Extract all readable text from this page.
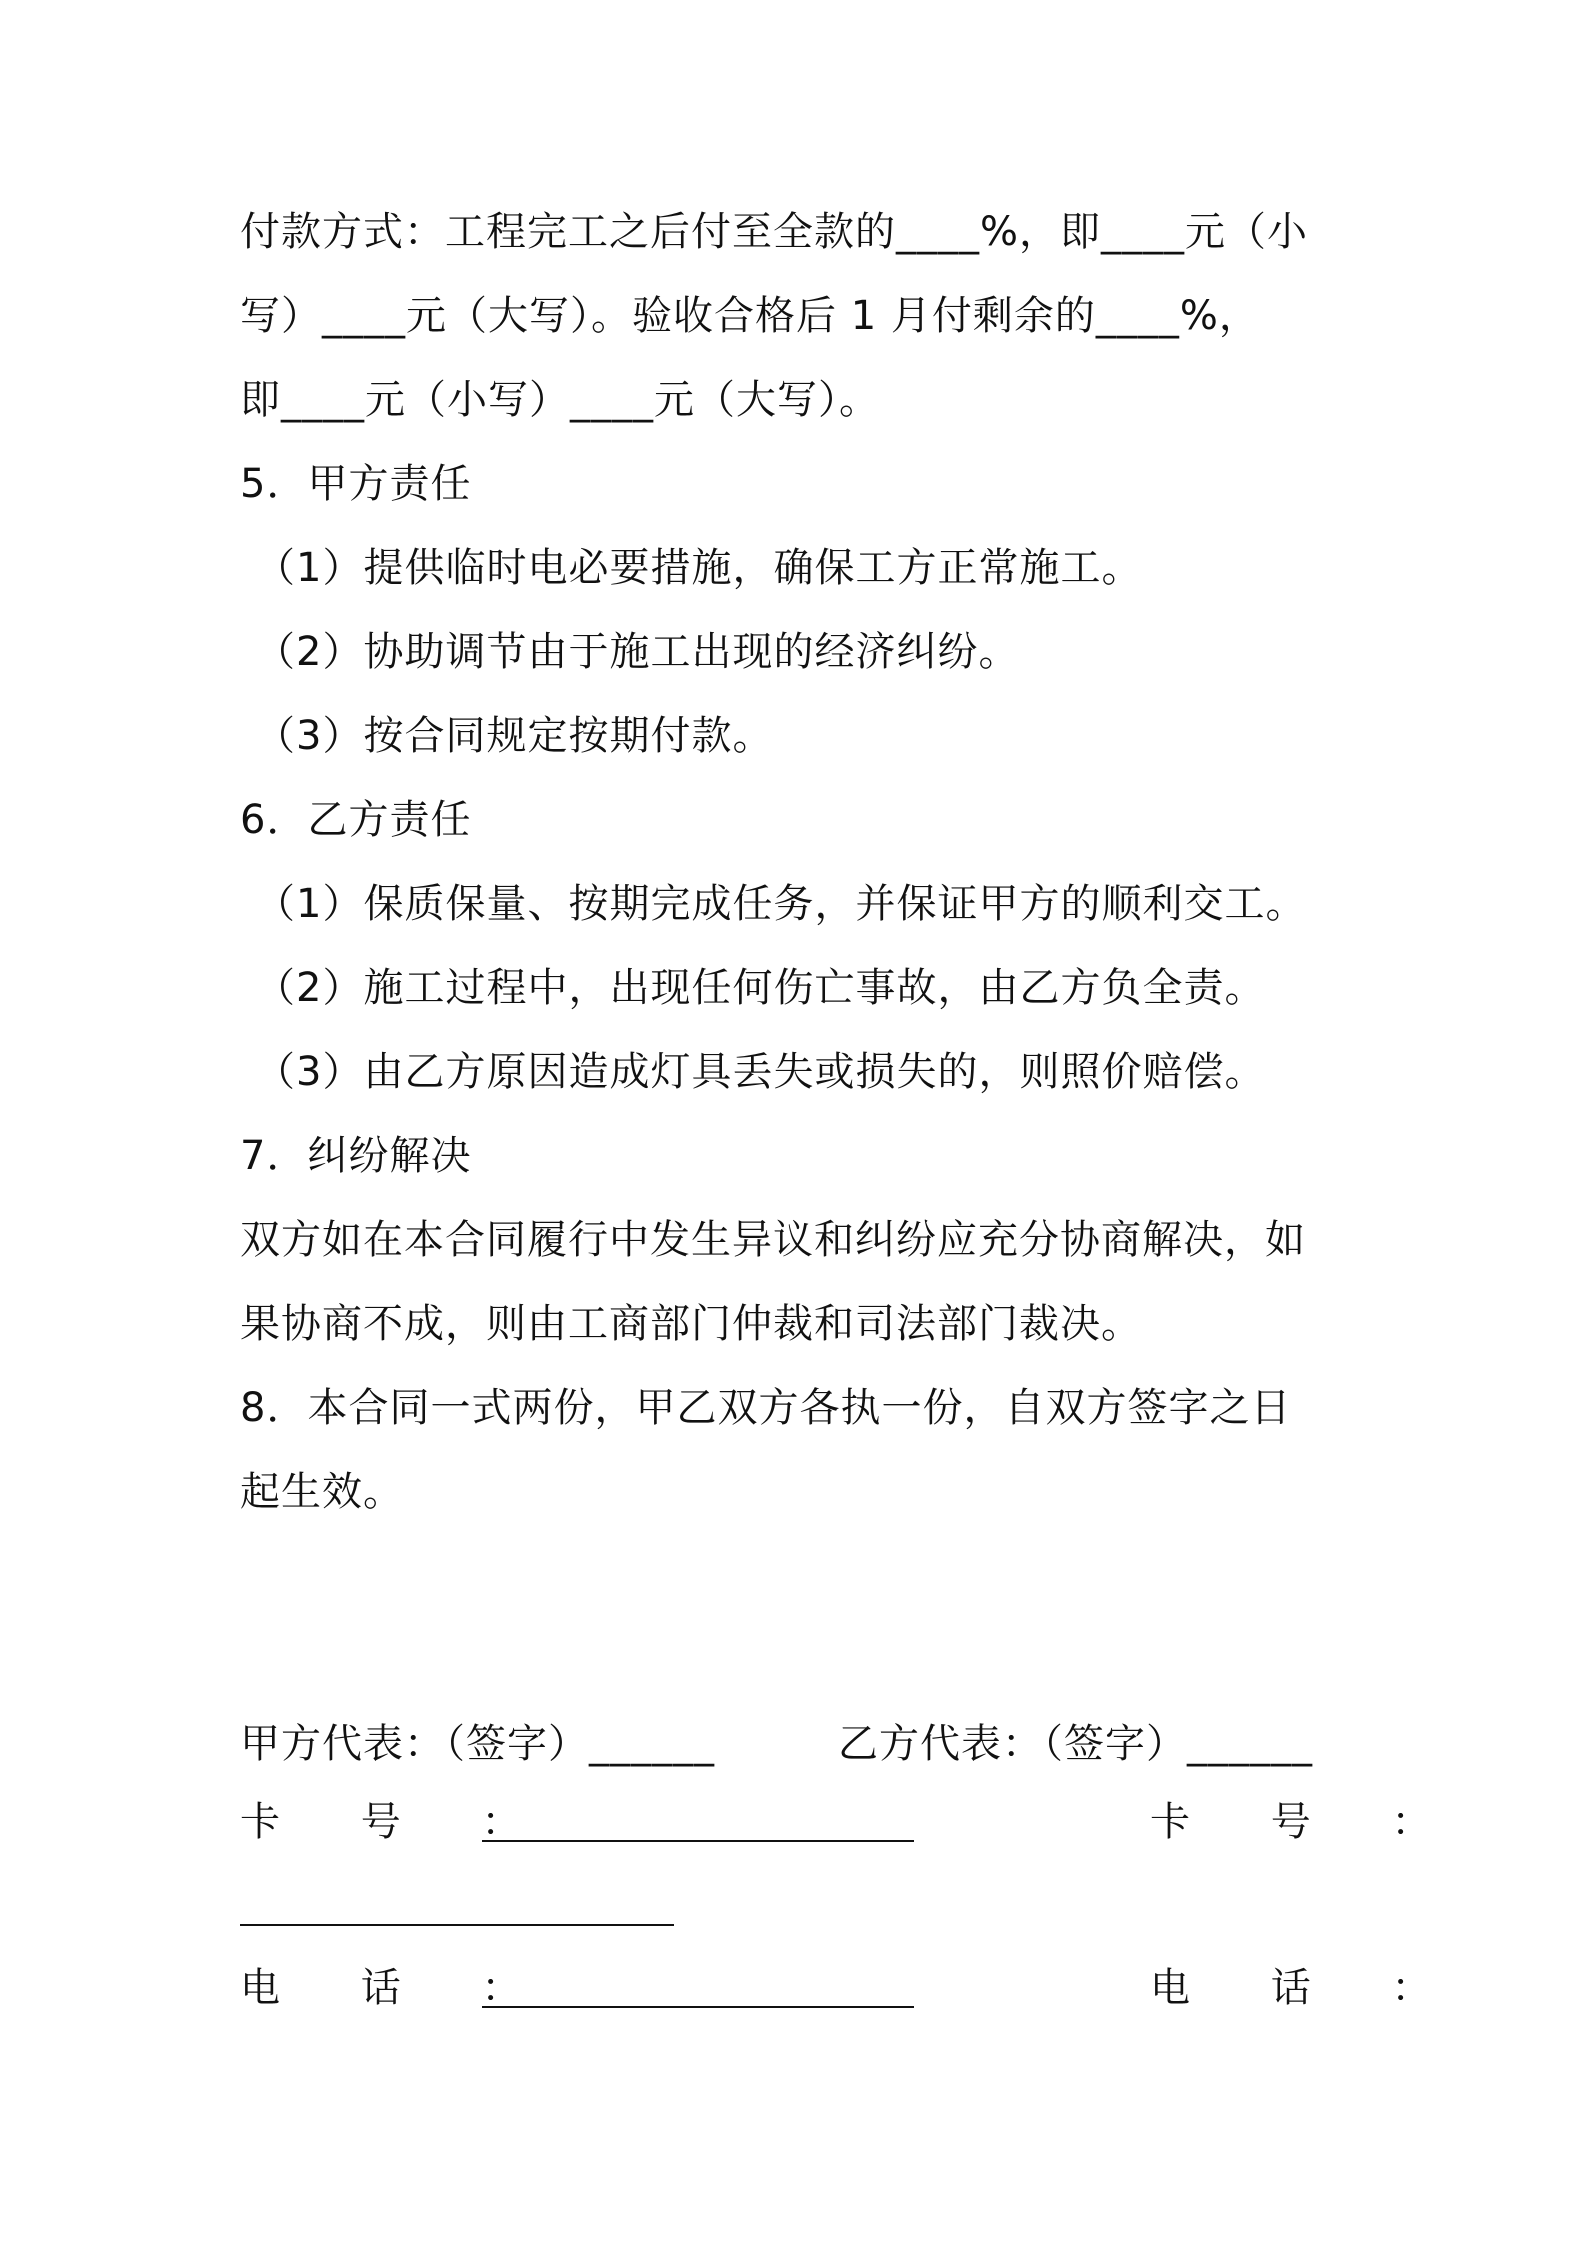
付款方式：工程完工之后付至全款的____%，即____元（小
写）____元（大写）。验收合格后 1 月付剩余的____%，
即____元（小写）____元（大写）。
5．甲方责任
（1）提供临时电必要措施，确保工方正常施工。
（2）协助调节由于施工出现的经济纠纷。
（3）按合同规定按期付款。
6．乙方责任
（1）保质保量、按期完成任务，并保证甲方的顺利交工。
（2）施工过程中，出现任何伤亡事故，由乙方负全责。
（3）由乙方原因造成灯具丢失或损失的，则照价赔偿。
7．纠纷解决
双方如在本合同履行中发生异议和纠纷应充分协商解决，如
果协商不成，则由工商部门仲裁和司法部门裁决。
8．本合同一式两份，甲乙双方各执一份，自双方签字之日
起生效。
甲方代表：（签字）______	乙方代表：（签字）______
卡 号 ：	卡 号 ：
电 话 ：	电 话 ：
